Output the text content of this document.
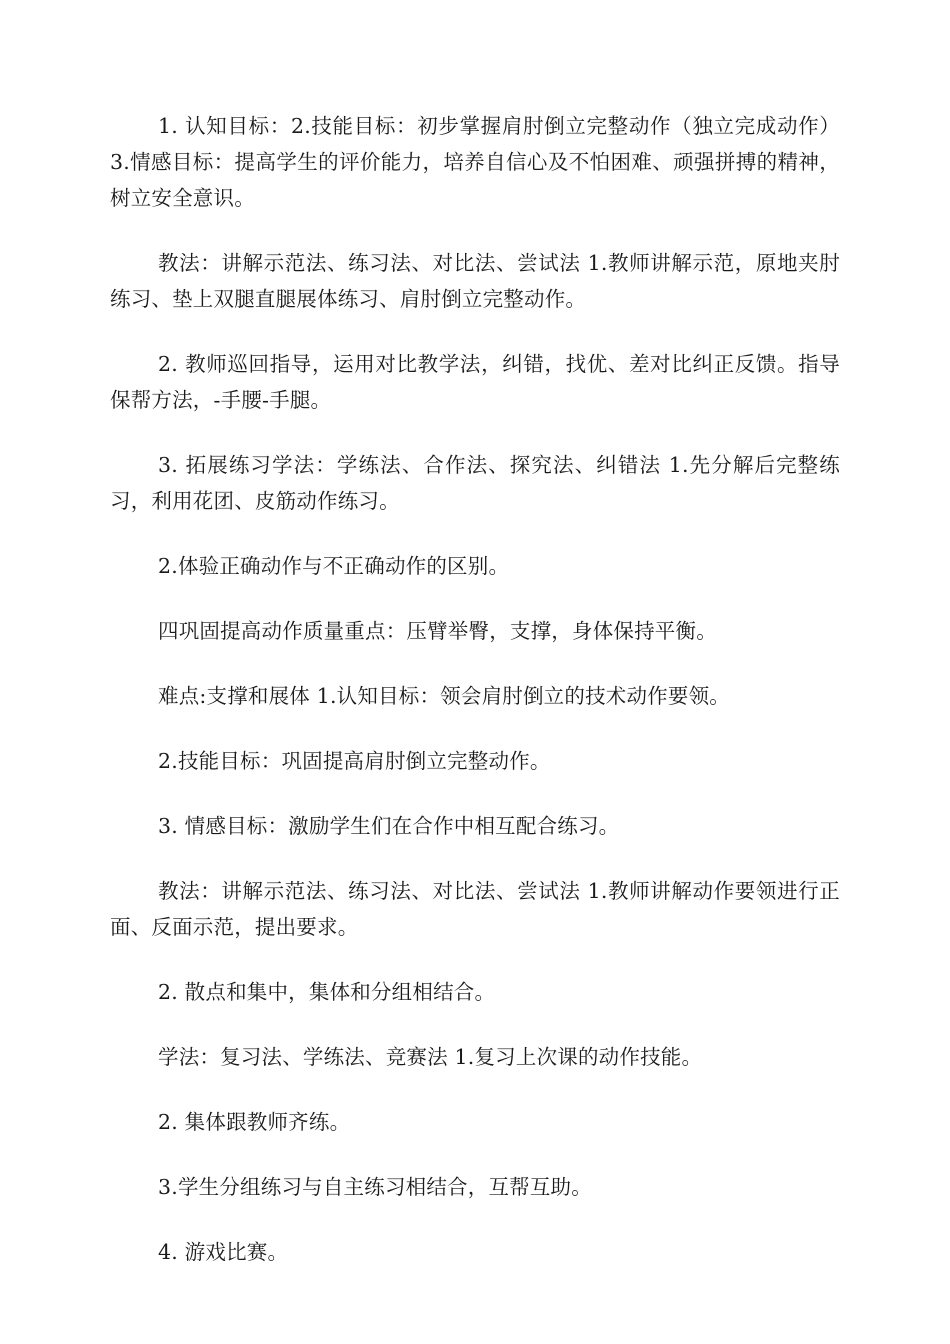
1. 认知目标：2.技能目标：初步掌握肩肘倒立完整动作（独立完成动作）3.情感目标：提高学生的评价能力，培养自信心及不怕困难、顽强拼搏的精神，树立安全意识。

教法：讲解示范法、练习法、对比法、尝试法 1.教师讲解示范，原地夹肘练习、垫上双腿直腿展体练习、肩肘倒立完整动作。

2. 教师巡回指导，运用对比教学法，纠错，找优、差对比纠正反馈。指导保帮方法，-手腰-手腿。

3. 拓展练习学法：学练法、合作法、探究法、纠错法 1.先分解后完整练习，利用花团、皮筋动作练习。

2.体验正确动作与不正确动作的区别。

四巩固提高动作质量重点：压臂举臀，支撑，身体保持平衡。

难点:支撑和展体 1.认知目标：领会肩肘倒立的技术动作要领。

2.技能目标：巩固提高肩肘倒立完整动作。

3. 情感目标：激励学生们在合作中相互配合练习。

教法：讲解示范法、练习法、对比法、尝试法 1.教师讲解动作要领进行正面、反面示范，提出要求。

2. 散点和集中，集体和分组相结合。

学法：复习法、学练法、竞赛法 1.复习上次课的动作技能。

2. 集体跟教师齐练。

3.学生分组练习与自主练习相结合，互帮互助。

4. 游戏比赛。
